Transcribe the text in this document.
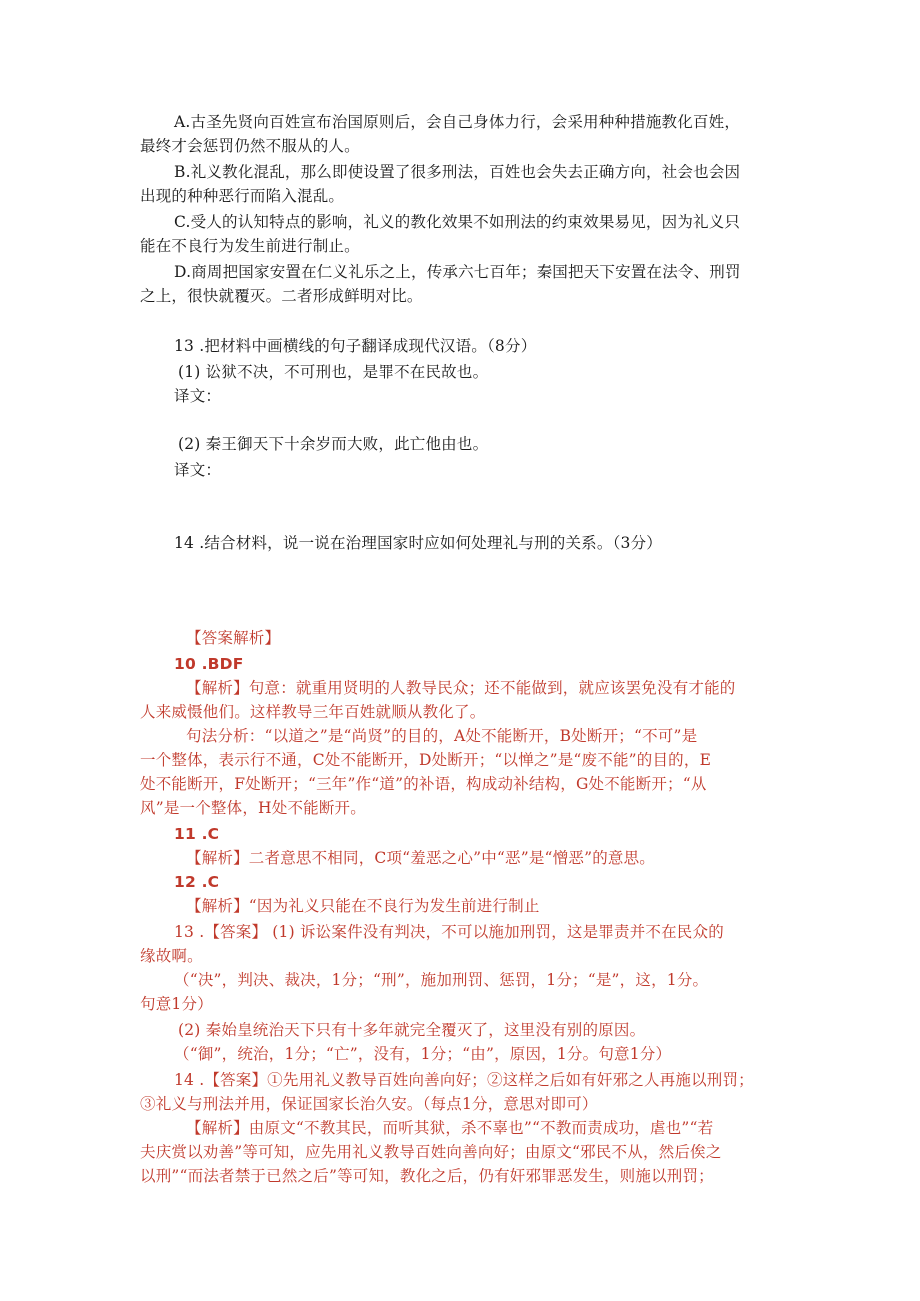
A.古圣先贤向百姓宣布治国原则后，会自己身体力行，会采用种种措施教化百姓，
最终才会惩罚仍然不服从的人。
B.礼义教化混乱，那么即使设置了很多刑法，百姓也会失去正确方向，社会也会因
出现的种种恶行而陷入混乱。
C.受人的认知特点的影响，礼义的教化效果不如刑法的约束效果易见，因为礼义只
能在不良行为发生前进行制止。
D.商周把国家安置在仁义礼乐之上，传承六七百年；秦国把天下安置在法令、刑罚
之上，很快就覆灭。二者形成鲜明对比。
13 .把材料中画横线的句子翻译成现代汉语。（8分）
(1) 讼狱不决，不可刑也，是罪不在民故也。
译文：
(2) 秦王御天下十余岁而大败，此亡他由也。
译文：
14 .结合材料，说一说在治理国家时应如何处理礼与刑的关系。（3分）
【答案解析】
10 .BDF
【解析】句意：就重用贤明的人教导民众；还不能做到，就应该罢免没有才能的
人来威慑他们。这样教导三年百姓就顺从教化了。
句法分析：“以道之”是“尚贤”的目的，A处不能断开，B处断开；“不可”是
一个整体，表示行不通，C处不能断开，D处断开；“以惮之”是“废不能”的目的，E
处不能断开，F处断开；“三年”作“道”的补语，构成动补结构，G处不能断开；“从
风”是一个整体，H处不能断开。
11 .C
【解析】二者意思不相同，C项“羞恶之心”中“恶”是“憎恶”的意思。
12 .C
【解析】“因为礼义只能在不良行为发生前进行制止
13 .【答案】 (1) 诉讼案件没有判决，不可以施加刑罚，这是罪责并不在民众的
缘故啊。
（“决”，判决、裁决，1分；“刑”，施加刑罚、惩罚，1分；“是”，这，1分。
句意1分）
(2) 秦始皇统治天下只有十多年就完全覆灭了，这里没有别的原因。
（“御”，统治，1分；“亡”，没有，1分；“由”，原因，1分。句意1分）
14 .【答案】①先用礼义教导百姓向善向好；②这样之后如有奸邪之人再施以刑罚；
③礼义与刑法并用，保证国家长治久安。（每点1分，意思对即可）
【解析】由原文“不教其民，而听其狱，杀不辜也”“不教而责成功，虐也”“若
夫庆赏以劝善”等可知，应先用礼义教导百姓向善向好；由原文“邪民不从，然后俟之
以刑”“而法者禁于已然之后”等可知，教化之后，仍有奸邪罪恶发生，则施以刑罚；
